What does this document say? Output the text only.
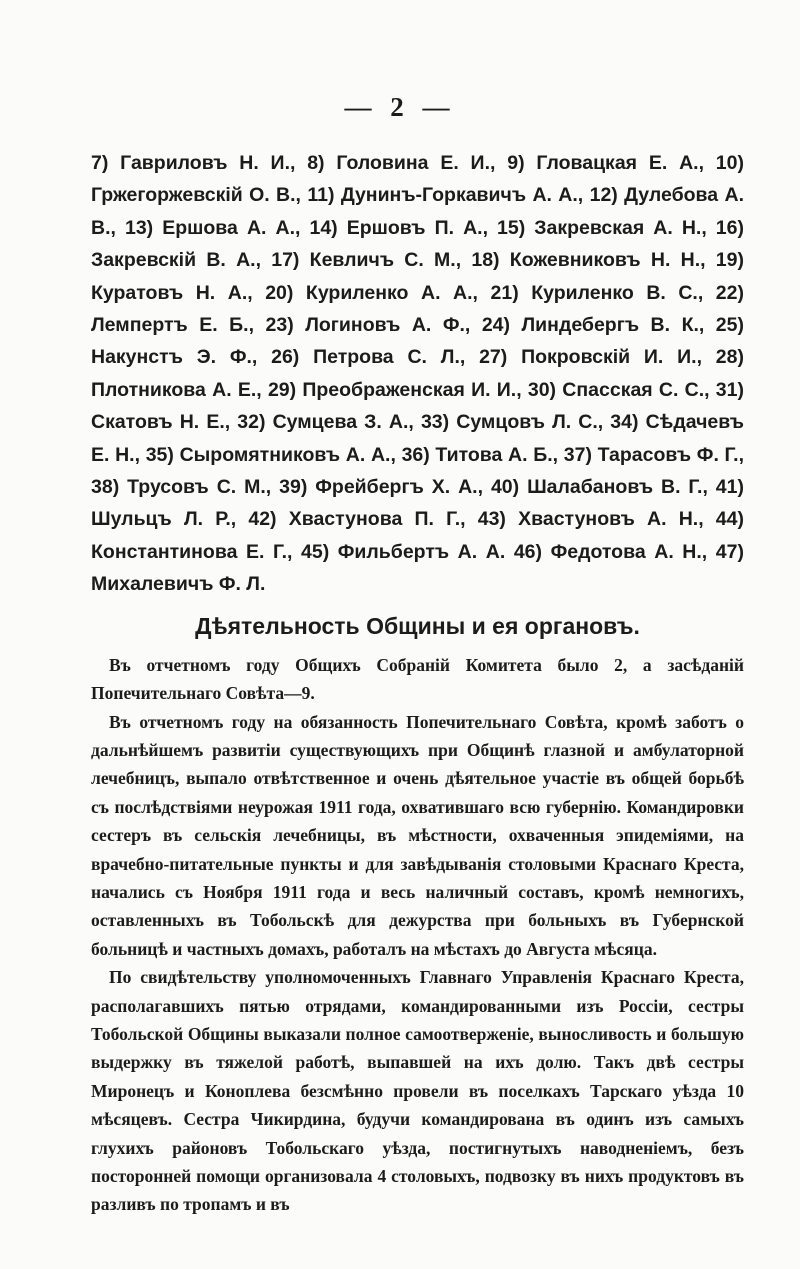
— 2 —
7) Гавриловъ Н. И., 8) Головина Е. И., 9) Гловацкая Е. А., 10) Гржегоржевскій О. В., 11) Дунинъ-Горкавичъ А. А., 12) Дулебова А. В., 13) Ершова А. А., 14) Ершовъ П. А., 15) Закревская А. Н., 16) Закревскій В. А., 17) Кевличъ С. М., 18) Кожевниковъ Н. Н., 19) Куратовъ Н. А., 20) Куриленко А. А., 21) Куриленко В. С., 22) Лемпертъ Е. Б., 23) Логиновъ А. Ф., 24) Линдебергъ В. К., 25) Накунстъ Э. Ф., 26) Петрова С. Л., 27) Покровскій И. И., 28) Плотникова А. Е., 29) Преображенская И. И., 30) Спасская С. С., 31) Скатовъ Н. Е., 32) Сумцева З. А., 33) Сумцовъ Л. С., 34) Сѣдачевъ Е. Н., 35) Сыромятниковъ А. А., 36) Титова А. Б., 37) Тарасовъ Ф. Г., 38) Трусовъ С. М., 39) Фрейбергъ Х. А., 40) Шалабановъ В. Г., 41) Шульцъ Л. Р., 42) Хвастунова П. Г., 43) Хвастуновъ А. Н., 44) Константинова Е. Г., 45) Фильбертъ А. А. 46) Федотова А. Н., 47) Михалевичъ Ф. Л.
Дѣятельность Общины и ея органовъ.

Въ отчетномъ году Общихъ Собраній Комитета было 2, а засѣданій Попечительнаго Совѣта—9.

Въ отчетномъ году на обязанность Попечительнаго Совѣта, кромѣ заботъ о дальнѣйшемъ развитіи существующихъ при Общинѣ глазной и амбулаторной лечебницъ, выпало отвѣтственное и очень дѣятельное участіе въ общей борьбѣ съ послѣдствіями неурожая 1911 года, охватившаго всю губернію. Командировки сестеръ въ сельскія лечебницы, въ мѣстности, охваченныя эпидеміями, на врачебно-питательные пункты и для завѣдыванія столовыми Краснаго Креста, начались съ Ноября 1911 года и весь наличный составъ, кромѣ немногихъ, оставленныхъ въ Тобольскѣ для дежурства при больныхъ въ Губернской больницѣ и частныхъ домахъ, работалъ на мѣстахъ до Августа мѣсяца.

По свидѣтельству уполномоченныхъ Главнаго Управленія Краснаго Креста, располагавшихъ пятью отрядами, командированными изъ Россіи, сестры Тобольской Общины выказали полное самоотверженіе, выносливость и большую выдержку въ тяжелой работѣ, выпавшей на ихъ долю. Такъ двѣ сестры Миронецъ и Коноплева безсмѣнно провели въ поселкахъ Тарскаго уѣзда 10 мѣсяцевъ. Сестра Чикирдина, будучи командирована въ одинъ изъ самыхъ глухихъ районовъ Тобольскаго уѣзда, постигнутыхъ наводненіемъ, безъ посторонней помощи организовала 4 столовыхъ, подвозку въ нихъ продуктовъ въ разливъ по тропамъ и въ
